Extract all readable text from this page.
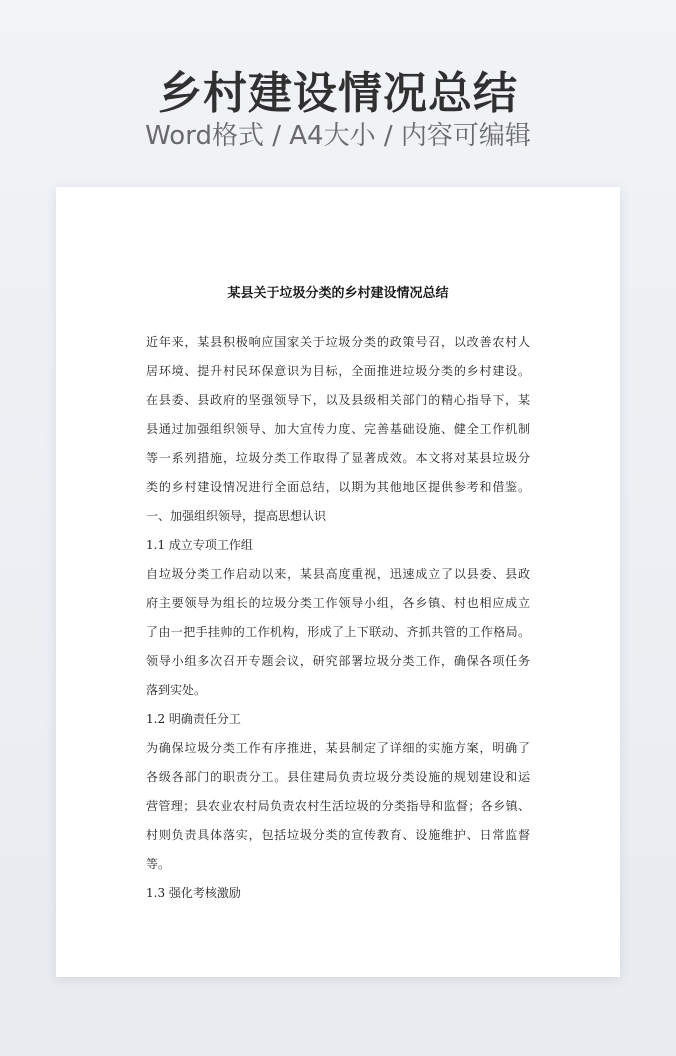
乡村建设情况总结
Word格式 / A4大小 / 内容可编辑
某县关于垃圾分类的乡村建设情况总结
近年来，某县积极响应国家关于垃圾分类的政策号召，以改善农村人
居环境、提升村民环保意识为目标，全面推进垃圾分类的乡村建设。
在县委、县政府的坚强领导下，以及县级相关部门的精心指导下，某
县通过加强组织领导、加大宣传力度、完善基础设施、健全工作机制
等一系列措施，垃圾分类工作取得了显著成效。本文将对某县垃圾分
类的乡村建设情况进行全面总结，以期为其他地区提供参考和借鉴。
一、加强组织领导，提高思想认识
1.1 成立专项工作组
自垃圾分类工作启动以来，某县高度重视，迅速成立了以县委、县政
府主要领导为组长的垃圾分类工作领导小组，各乡镇、村也相应成立
了由一把手挂帅的工作机构，形成了上下联动、齐抓共管的工作格局。
领导小组多次召开专题会议，研究部署垃圾分类工作，确保各项任务
落到实处。
1.2 明确责任分工
为确保垃圾分类工作有序推进，某县制定了详细的实施方案，明确了
各级各部门的职责分工。县住建局负责垃圾分类设施的规划建设和运
营管理；县农业农村局负责农村生活垃圾的分类指导和监督；各乡镇、
村则负责具体落实，包括垃圾分类的宣传教育、设施维护、日常监督
等。
1.3 强化考核激励
